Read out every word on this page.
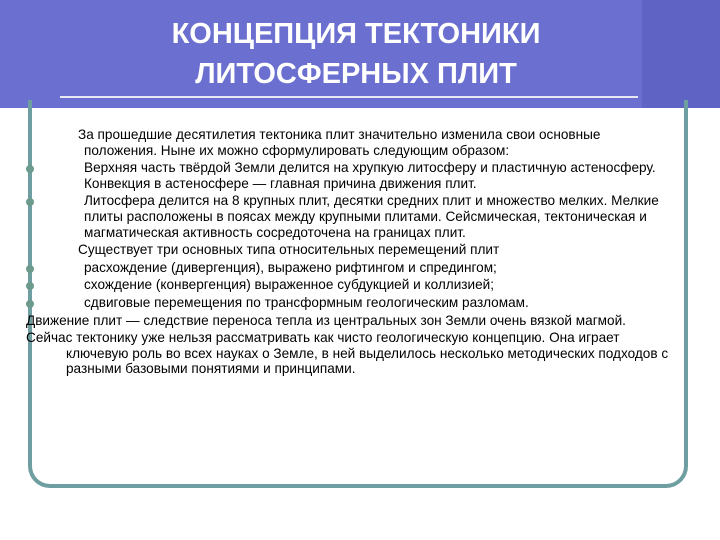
КОНЦЕПЦИЯ ТЕКТОНИКИ
ЛИТОСФЕРНЫХ ПЛИТ

За прошедшие десятилетия тектоника плит значительно изменила свои основные положения. Ныне их можно сформулировать следующим образом:

Верхняя часть твёрдой Земли делится на хрупкую литосферу и пластичную астеносферу. Конвекция в астеносфере — главная причина движения плит.

Литосфера делится на 8 крупных плит, десятки средних плит и множество мелких. Мелкие плиты расположены в поясах между крупными плитами. Сейсмическая, тектоническая и магматическая активность сосредоточена на границах плит.

Существует три основных типа относительных перемещений плит

расхождение (дивергенция), выражено рифтингом и спредингом;

схождение (конвергенция) выраженное субдукцией и коллизией;

сдвиговые перемещения по трансформным геологическим разломам.

Движение плит — следствие переноса тепла из центральных зон Земли очень вязкой магмой.

Сейчас тектонику уже нельзя рассматривать как чисто геологическую концепцию. Она играет ключевую роль во всех науках о Земле, в ней выделилось несколько методических подходов с разными базовыми понятиями и принципами.
